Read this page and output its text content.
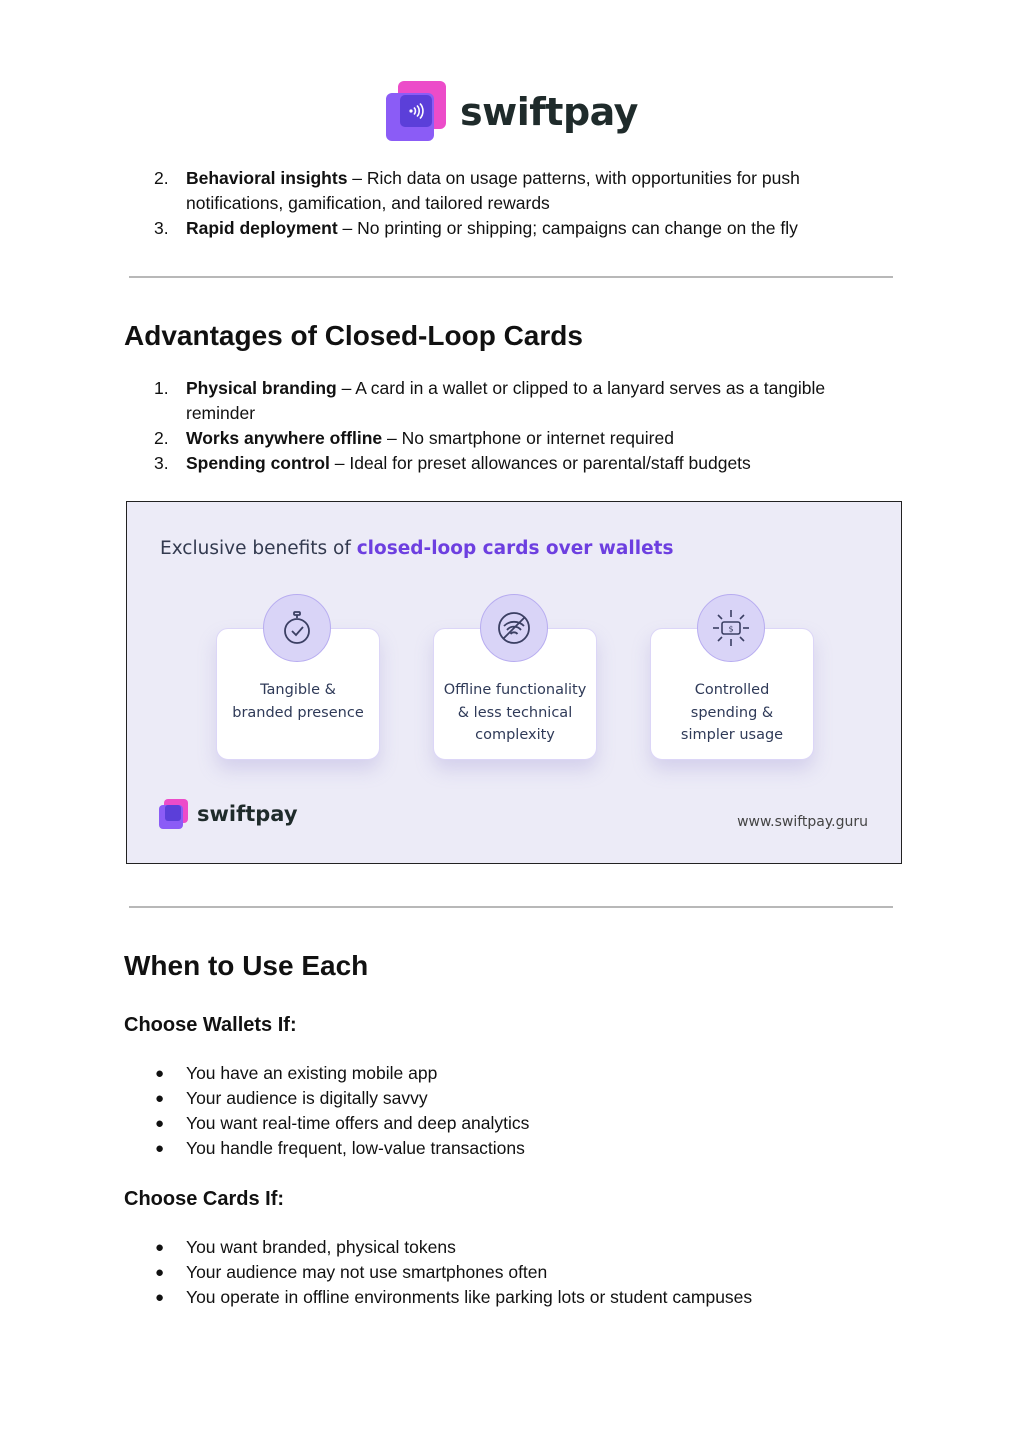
swiftpay
2. Behavioral insights – Rich data on usage patterns, with opportunities for push notifications, gamification, and tailored rewards
3. Rapid deployment – No printing or shipping; campaigns can change on the fly
Advantages of Closed-Loop Cards
1. Physical branding – A card in a wallet or clipped to a lanyard serves as a tangible reminder
2. Works anywhere offline – No smartphone or internet required
3. Spending control – Ideal for preset allowances or parental/staff budgets
Exclusive benefits of closed-loop cards over wallets
Tangible &
branded presence
Offline functionality
& less technical
complexity
Controlled
spending &
simpler usage
$
swiftpay	www.swiftpay.guru
When to Use Each
Choose Wallets If:
● You have an existing mobile app
● Your audience is digitally savvy
● You want real-time offers and deep analytics
● You handle frequent, low-value transactions
Choose Cards If:
● You want branded, physical tokens
● Your audience may not use smartphones often
● You operate in offline environments like parking lots or student campuses
